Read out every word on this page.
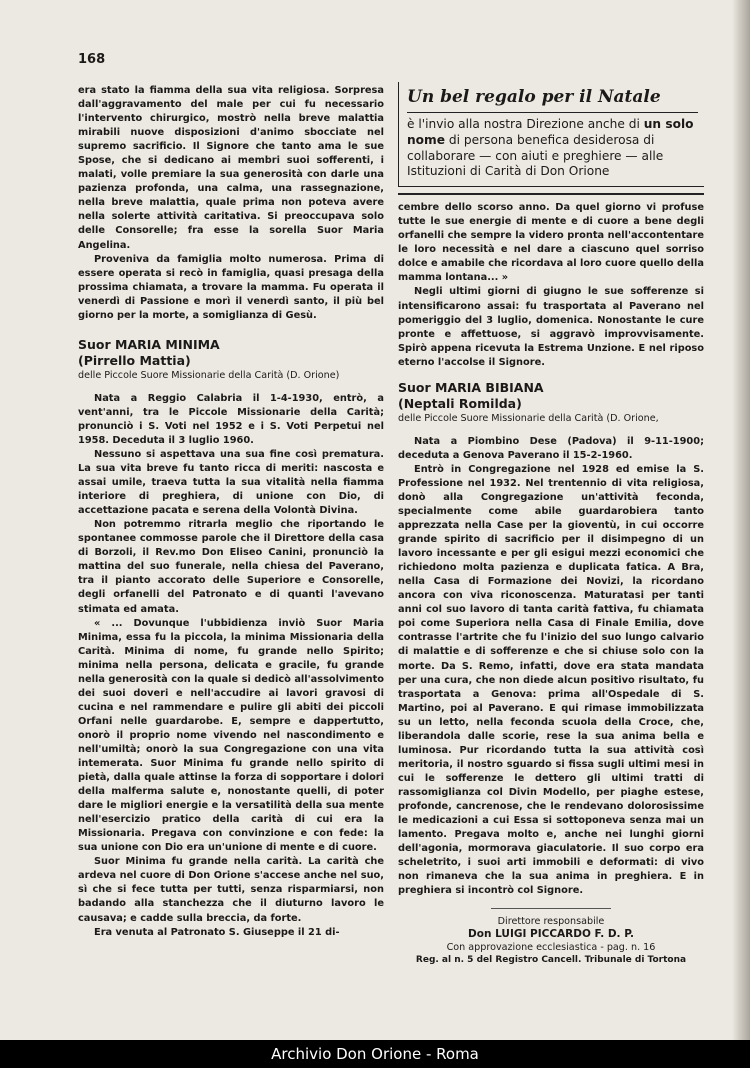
168

era stato la fiamma della sua vita religiosa. Sorpresa dall'aggravamento del male per cui fu necessario l'intervento chirurgico, mostrò nella breve malattia mirabili nuove disposizioni d'animo sbocciate nel supremo sacrificio. Il Signore che tanto ama le sue Spose, che si dedicano ai membri suoi sofferenti, i malati, volle premiare la sua generosità con darle una pazienza profonda, una calma, una rassegnazione, nella breve malattia, quale prima non poteva avere nella solerte attività caritativa. Si preoccupava solo delle Consorelle; fra esse la sorella Suor Maria Angelina.

Proveniva da famiglia molto numerosa. Prima di essere operata si recò in famiglia, quasi presaga della prossima chiamata, a trovare la mamma. Fu operata il venerdì di Passione e morì il venerdì santo, il più bel giorno per la morte, a somiglianza di Gesù.

Suor MARIA MINIMA
(Pirrello Mattia)
delle Piccole Suore Missionarie della Carità (D. Orione)

Nata a Reggio Calabria il 1-4-1930, entrò, a vent'anni, tra le Piccole Missionarie della Carità; pronunciò i S. Voti nel 1952 e i S. Voti Perpetui nel 1958. Deceduta il 3 luglio 1960.

Nessuno si aspettava una sua fine così prematura. La sua vita breve fu tanto ricca di meriti: nascosta e assai umile, traeva tutta la sua vitalità nella fiamma interiore di preghiera, di unione con Dio, di accettazione pacata e serena della Volontà Divina.

Non potremmo ritrarla meglio che riportando le spontanee commosse parole che il Direttore della casa di Borzoli, il Rev.mo Don Eliseo Canini, pronunciò la mattina del suo funerale, nella chiesa del Paverano, tra il pianto accorato delle Superiore e Consorelle, degli orfanelli del Patronato e di quanti l'avevano stimata ed amata.

« ... Dovunque l'ubbidienza inviò Suor Maria Minima, essa fu la piccola, la minima Missionaria della Carità. Minima di nome, fu grande nello Spirito; minima nella persona, delicata e gracile, fu grande nella generosità con la quale si dedicò all'assolvimento dei suoi doveri e nell'accudire ai lavori gravosi di cucina e nel rammendare e pulire gli abiti dei piccoli Orfani nelle guardarobe. E, sempre e dappertutto, onorò il proprio nome vivendo nel nascondimento e nell'umiltà; onorò la sua Congregazione con una vita intemerata. Suor Minima fu grande nello spirito di pietà, dalla quale attinse la forza di sopportare i dolori della malferma salute e, nonostante quelli, di poter dare le migliori energie e la versatilità della sua mente nell'esercizio pratico della carità di cui era la Missionaria. Pregava con convinzione e con fede: la sua unione con Dio era un'unione di mente e di cuore.

Suor Minima fu grande nella carità. La carità che ardeva nel cuore di Don Orione s'accese anche nel suo, sì che si fece tutta per tutti, senza risparmiarsi, non badando alla stanchezza che il diuturno lavoro le causava; e cadde sulla breccia, da forte.

Era venuta al Patronato S. Giuseppe il 21 di-

Un bel regalo per il Natale
è l'invio alla nostra Direzione anche di un solo nome di persona benefica desiderosa di collaborare — con aiuti e preghiere — alle Istituzioni di Carità di Don Orione

cembre dello scorso anno. Da quel giorno vi profuse tutte le sue energie di mente e di cuore a bene degli orfanelli che sempre la videro pronta nell'accontentare le loro necessità e nel dare a ciascuno quel sorriso dolce e amabile che ricordava al loro cuore quello della mamma lontana... »

Negli ultimi giorni di giugno le sue sofferenze si intensificarono assai: fu trasportata al Paverano nel pomeriggio del 3 luglio, domenica. Nonostante le cure pronte e affettuose, si aggravò improvvisamente. Spirò appena ricevuta la Estrema Unzione. E nel riposo eterno l'accolse il Signore.

Suor MARIA BIBIANA
(Neptali Romilda)
delle Piccole Suore Missionarie della Carità (D. Orione,

Nata a Piombino Dese (Padova) il 9-11-1900; deceduta a Genova Paverano il 15-2-1960.

Entrò in Congregazione nel 1928 ed emise la S. Professione nel 1932. Nel trentennio di vita religiosa, donò alla Congregazione un'attività feconda, specialmente come abile guardarobiera tanto apprezzata nella Case per la gioventù, in cui occorre grande spirito di sacrificio per il disimpegno di un lavoro incessante e per gli esigui mezzi economici che richiedono molta pazienza e duplicata fatica. A Bra, nella Casa di Formazione dei Novizi, la ricordano ancora con viva riconoscenza. Maturatasi per tanti anni col suo lavoro di tanta carità fattiva, fu chiamata poi come Superiora nella Casa di Finale Emilia, dove contrasse l'artrite che fu l'inizio del suo lungo calvario di malattie e di sofferenze e che si chiuse solo con la morte. Da S. Remo, infatti, dove era stata mandata per una cura, che non diede alcun positivo risultato, fu trasportata a Genova: prima all'Ospedale di S. Martino, poi al Paverano. E qui rimase immobilizzata su un letto, nella feconda scuola della Croce, che, liberandola dalle scorie, rese la sua anima bella e luminosa. Pur ricordando tutta la sua attività così meritoria, il nostro sguardo si fissa sugli ultimi mesi in cui le sofferenze le dettero gli ultimi tratti di rassomiglianza col Divin Modello, per piaghe estese, profonde, cancrenose, che le rendevano dolorosissime le medicazioni a cui Essa si sottoponeva senza mai un lamento. Pregava molto e, anche nei lunghi giorni dell'agonia, mormorava giaculatorie. Il suo corpo era scheletrito, i suoi arti immobili e deformati: di vivo non rimaneva che la sua anima in preghiera. E in preghiera si incontrò col Signore.

Direttore responsabile
Don LUIGI PICCARDO F. D. P.
Con approvazione ecclesiastica - pag. n. 16
Reg. al n. 5 del Registro Cancell. Tribunale di Tortona
Archivio Don Orione - Roma
